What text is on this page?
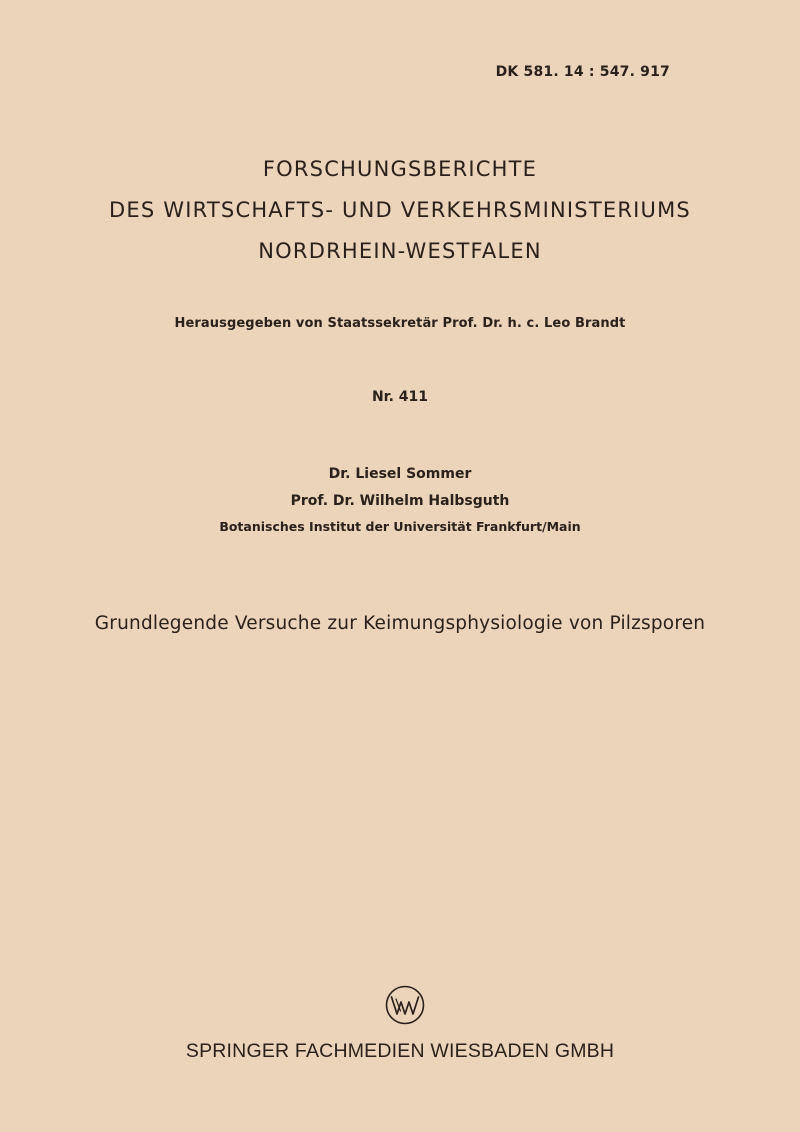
DK 581. 14 : 547. 917
FORSCHUNGSBERICHTE
DES WIRTSCHAFTS- UND VERKEHRSMINISTERIUMS
NORDRHEIN-WESTFALEN
Herausgegeben von Staatssekretär Prof. Dr. h. c. Leo Brandt
Nr. 411
Dr. Liesel Sommer
Prof. Dr. Wilhelm Halbsguth
Botanisches Institut der Universität Frankfurt/Main
Grundlegende Versuche zur Keimungsphysiologie von Pilzsporen
SPRINGER FACHMEDIEN WIESBADEN GMBH
